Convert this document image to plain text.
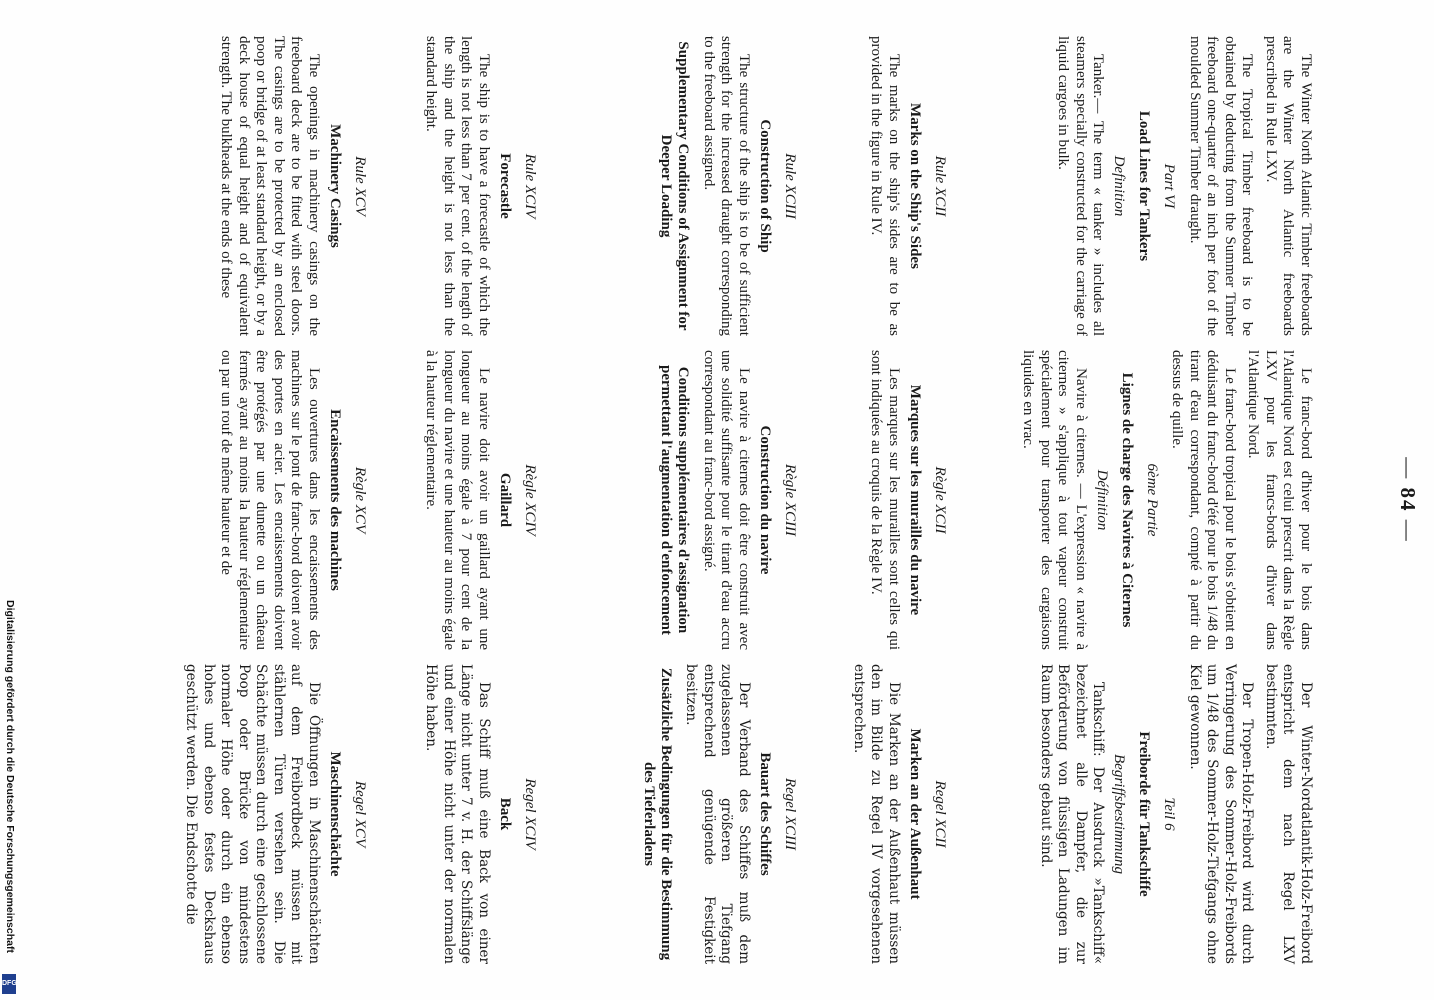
— 84 —

The Winter North Atlantic Timber freeboards are the Winter North Atlantic freeboards prescribed in Rule LXV.

The Tropical Timber freeboard is to be obtained by deducting from the Summer Timber freeboard one-quarter of an inch per foot of the moulded Summer Timber draught.

Part VI
Load Lines for Tankers
Definition

Tanker.— The term « tanker » includes all steamers specially constructed for the carriage of liquid cargoes in bulk.

Le franc-bord d'hiver pour le bois dans l'Atlantique Nord est celui prescrit dans la Règle LXV pour les francs-bords d'hiver dans l'Atlantique Nord.

Le franc-bord tropical pour le bois s'obtient en déduisant du franc-bord d'été pour le bois 1/48 du tirant d'eau correspondant, compté à partir du dessus de quille.

6ème Partie
Lignes de charge des Navires à Citernes
Définition

Navire à citernes. — L'expression « navire à citernes » s'applique à tout vapeur construit spécialement pour transporter des cargaisons liquides en vrac.

Der Winter-Nordatlantik-Holz-Freibord entspricht dem nach Regel LXV bestimmten.

Der Tropen-Holz-Freibord wird durch Verringerung des Sommer-Holz-Freibords um 1/48 des Sommer-Holz-Tiefgangs ohne Kiel gewonnen.

Teil 6
Freiborde für Tankschiffe
Begriffsbestimmung

Tankschiff: Der Ausdruck »Tankschiff« bezeichnet alle Dampfer, die zur Beförderung von flüssigen Ladungen im Raum besonders gebaut sind.

Rule XCII
Marks on the Ship's Sides

The marks on the ship's sides are to be as provided in the figure in Rule IV.

Règle XCII
Marques sur les murailles du navire

Les marques sur les murailles sont celles qui sont indiquées au croquis de la Règle IV.

Regel XCII
Marken an der Außenhaut

Die Marken an der Außenhaut müssen den im Bilde zu Regel IV vorgesehenen entsprechen.

Rule XCIII
Construction of Ship

The structure of the ship is to be of sufficient strength for the increased draught corresponding to the freeboard assigned.

Supplementary Conditions of Assignment for Deeper Loading
Règle XCIII
Construction du navire

Le navire à citernes doit être construit avec une solidité suffisante pour le tirant d'eau accru correspondant au franc-bord assigné.

Conditions supplémentaires d'assignation permettant l'augmentation d'enfoncement
Regel XCIII
Bauart des Schiffes

Der Verband des Schiffes muß dem zugelassenen größeren Tiefgang entsprechend genügende Festigkeit besitzen.

Zusätzliche Bedingungen für die Bestimmung des Tieferladens
Rule XCIV
Forecastle

The ship is to have a forecastle of which the length is not less than 7 per cent. of the length of the ship and the height is not less than the standard height.

Règle XCIV
Gaillard

Le navire doit avoir un gaillard ayant une longueur au moins égale à 7 pour cent de la longueur du navire et une hauteur au moins égale à la hauteur réglementaire.

Regel XCIV
Back

Das Schiff muß eine Back von einer Länge nicht unter 7 v. H. der Schiffslänge und einer Höhe nicht unter der normalen Höhe haben.

Rule XCV
Machinery Casings

The openings in machinery casings on the freeboard deck are to be fitted with steel doors. The casings are to be protected by an enclosed poop or bridge of at least standard height, or by a deck house of equal height and of equivalent strength. The bulkheads at the ends of these

Règle XCV
Encaissements des machines

Les ouvertures dans les encaissements des machines sur le pont de franc-bord doivent avoir des portes en acier. Les encaissements doivent être protégés par une dunette ou un château fermés ayant au moins la hauteur réglementaire ou par un rouf de même hauteur et de

Regel XCV
Maschinenschächte

Die Öffnungen in Maschinenschächten auf dem Freibordbeck müssen mit stählernen Türen versehen sein. Die Schächte müssen durch eine geschlossene Poop oder Brücke von mindestens normaler Höhe oder durch ein ebenso hohes und ebenso festes Deckshaus geschützt werden. Die Endschotte die

Digitalisierung gefördert durch die Deutsche Forschungsgemeinschaft
DFG
